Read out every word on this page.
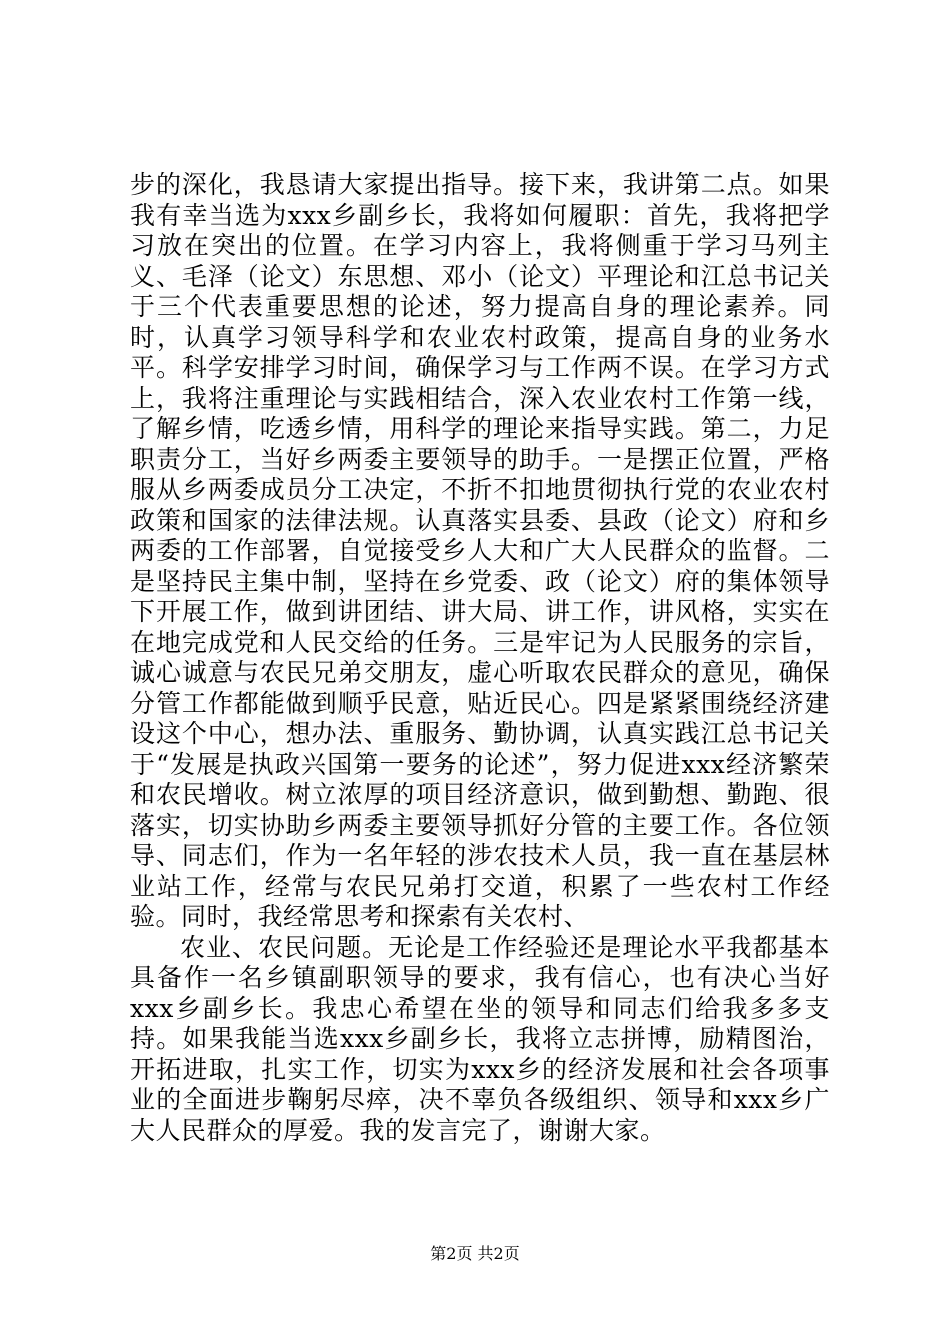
步的深化，我恳请大家提出指导。接下来，我讲第二点。如果我有幸当选为xxx乡副乡长，我将如何履职：首先，我将把学习放在突出的位置。在学习内容上，我将侧重于学习马列主义、毛泽（论文）东思想、邓小（论文）平理论和江总书记关于三个代表重要思想的论述，努力提高自身的理论素养。同时，认真学习领导科学和农业农村政策，提高自身的业务水平。科学安排学习时间，确保学习与工作两不误。在学习方式上，我将注重理论与实践相结合，深入农业农村工作第一线，了解乡情，吃透乡情，用科学的理论来指导实践。第二，力足职责分工，当好乡两委主要领导的助手。一是摆正位置，严格服从乡两委成员分工决定，不折不扣地贯彻执行党的农业农村政策和国家的法律法规。认真落实县委、县政（论文）府和乡两委的工作部署，自觉接受乡人大和广大人民群众的监督。二是坚持民主集中制，坚持在乡党委、政（论文）府的集体领导下开展工作，做到讲团结、讲大局、讲工作，讲风格，实实在在地完成党和人民交给的任务。三是牢记为人民服务的宗旨，诚心诚意与农民兄弟交朋友，虚心听取农民群众的意见，确保分管工作都能做到顺乎民意，贴近民心。四是紧紧围绕经济建设这个中心，想办法、重服务、勤协调，认真实践江总书记关于“发展是执政兴国第一要务的论述”，努力促进xxx经济繁荣和农民增收。树立浓厚的项目经济意识，做到勤想、勤跑、很落实，切实协助乡两委主要领导抓好分管的主要工作。各位领导、同志们，作为一名年轻的涉农技术人员，我一直在基层林业站工作，经常与农民兄弟打交道，积累了一些农村工作经验。同时，我经常思考和探索有关农村、

农业、农民问题。无论是工作经验还是理论水平我都基本具备作一名乡镇副职领导的要求，我有信心，也有决心当好xxx乡副乡长。我忠心希望在坐的领导和同志们给我多多支持。如果我能当选xxx乡副乡长，我将立志拼博，励精图治，开拓进取，扎实工作，切实为xxx乡的经济发展和社会各项事业的全面进步鞠躬尽瘁，决不辜负各级组织、领导和xxx乡广大人民群众的厚爱。我的发言完了，谢谢大家。

第2页 共2页
